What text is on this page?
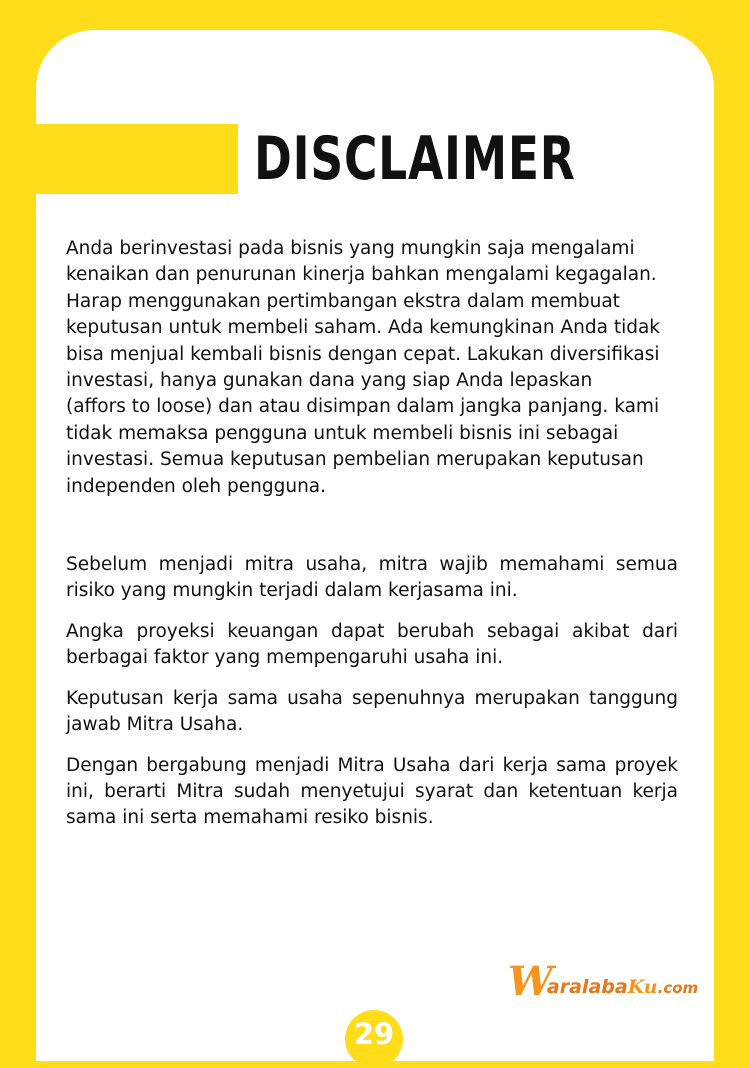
DISCLAIMER

Anda berinvestasi pada bisnis yang mungkin saja mengalami
kenaikan dan penurunan kinerja bahkan mengalami kegagalan.
Harap menggunakan pertimbangan ekstra dalam membuat
keputusan untuk membeli saham. Ada kemungkinan Anda tidak
bisa menjual kembali bisnis dengan cepat. Lakukan diversifikasi
investasi, hanya gunakan dana yang siap Anda lepaskan
(affors to loose) dan atau disimpan dalam jangka panjang. kami
tidak memaksa pengguna untuk membeli bisnis ini sebagai
investasi. Semua keputusan pembelian merupakan keputusan
independen oleh pengguna.

Sebelum menjadi mitra usaha, mitra wajib memahami semua risiko yang mungkin terjadi dalam kerjasama ini.

Angka proyeksi keuangan dapat berubah sebagai akibat dari berbagai faktor yang mempengaruhi usaha ini.

Keputusan kerja sama usaha sepenuhnya merupakan tanggung jawab Mitra Usaha.

Dengan bergabung menjadi Mitra Usaha dari kerja sama proyek ini, berarti Mitra sudah menyetujui syarat dan ketentuan kerja sama ini serta memahami resiko bisnis.

W
aralaba Ku .com
29
